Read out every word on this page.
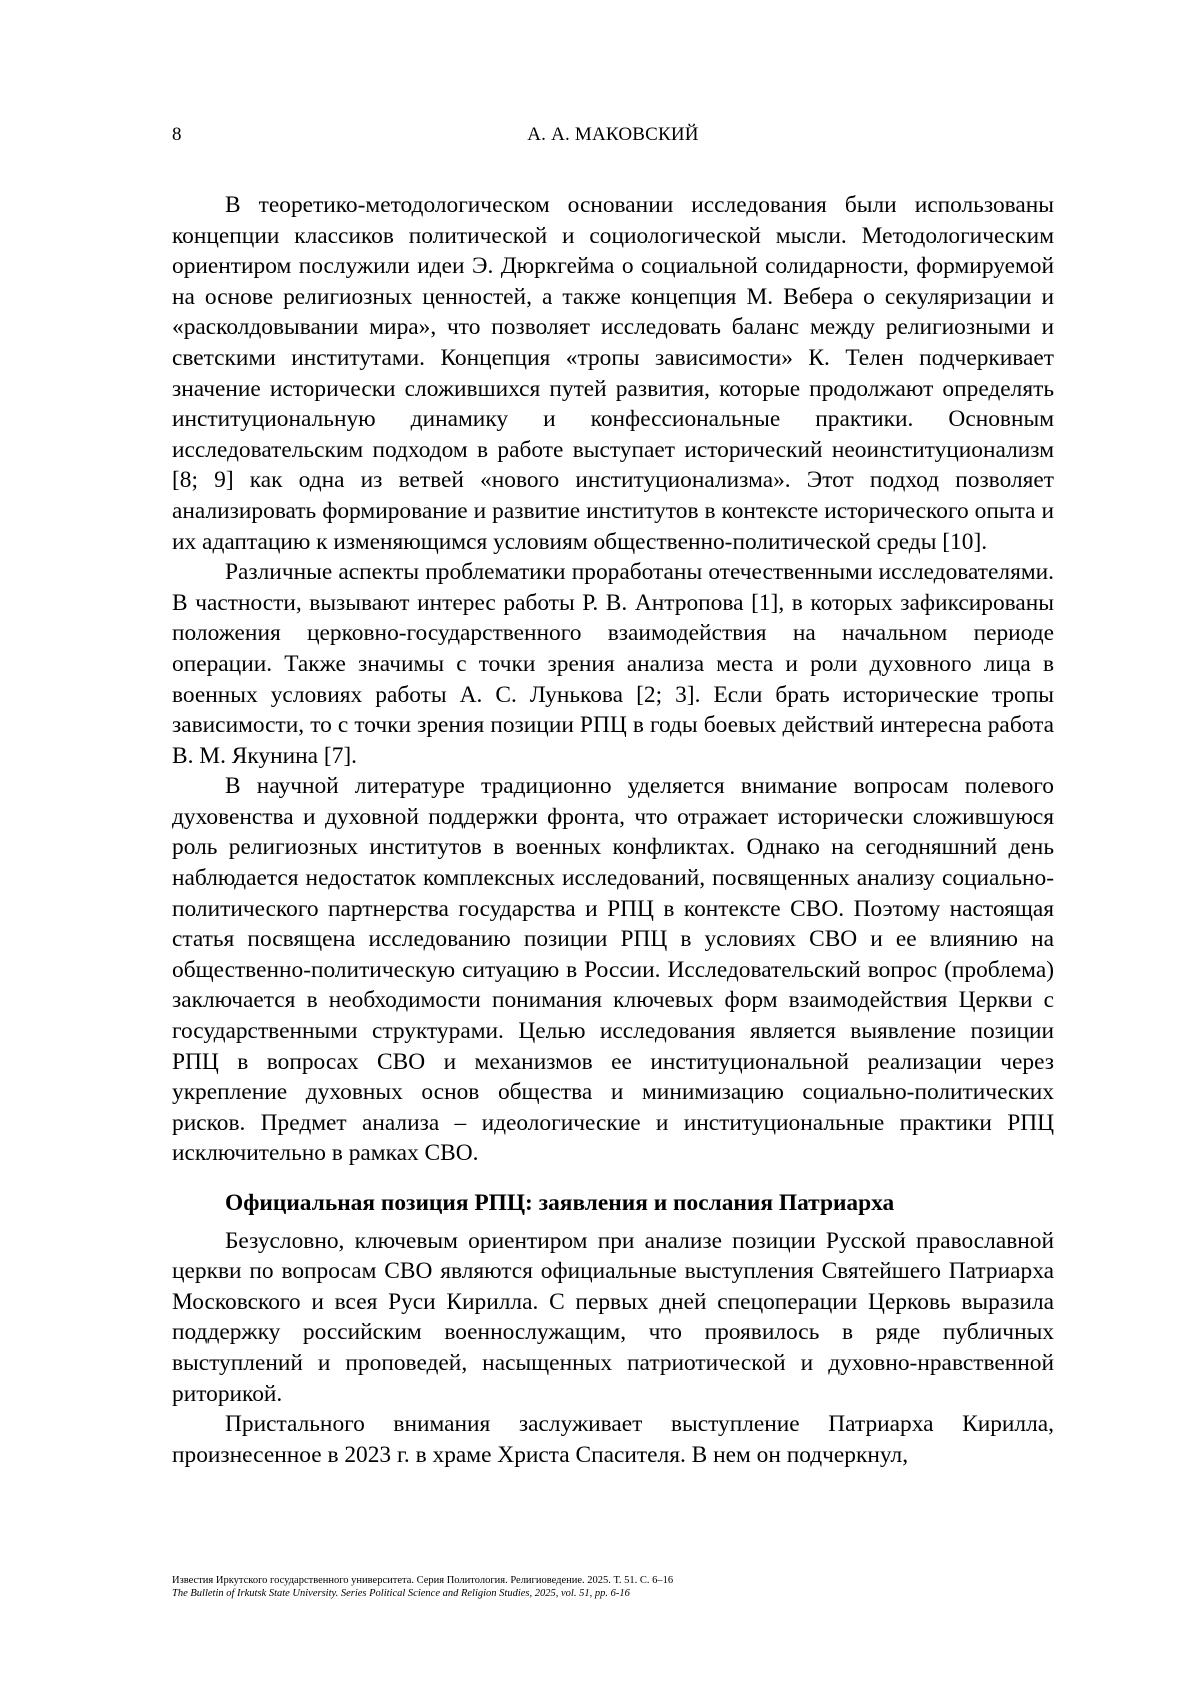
8	А. А. МАКОВСКИЙ

В теоретико-методологическом основании исследования были использованы концепции классиков политической и социологической мысли. Методологическим ориентиром послужили идеи Э. Дюркгейма о социальной солидарности, формируемой на основе религиозных ценностей, а также концепция М. Вебера о секуляризации и «расколдовывании мира», что позволяет исследовать баланс между религиозными и светскими институтами. Концепция «тропы зависимости» К. Телен подчеркивает значение исторически сложившихся путей развития, которые продолжают определять институциональную динамику и конфессиональные практики. Основным исследовательским подходом в работе выступает исторический неоинституционализм [8; 9] как одна из ветвей «нового институционализма». Этот подход позволяет анализировать формирование и развитие институтов в контексте исторического опыта и их адаптацию к изменяющимся условиям общественно-политической среды [10].

Различные аспекты проблематики проработаны отечественными исследователями. В частности, вызывают интерес работы Р. В. Антропова [1], в которых зафиксированы положения церковно-государственного взаимодействия на начальном периоде операции. Также значимы с точки зрения анализа места и роли духовного лица в военных условиях работы А. С. Лунькова [2; 3]. Если брать исторические тропы зависимости, то с точки зрения позиции РПЦ в годы боевых действий интересна работа В. М. Якунина [7].

В научной литературе традиционно уделяется внимание вопросам полевого духовенства и духовной поддержки фронта, что отражает исторически сложившуюся роль религиозных институтов в военных конфликтах. Однако на сегодняшний день наблюдается недостаток комплексных исследований, посвященных анализу социально-политического партнерства государства и РПЦ в контексте СВО. Поэтому настоящая статья посвящена исследованию позиции РПЦ в условиях СВО и ее влиянию на общественно-политическую ситуацию в России. Исследовательский вопрос (проблема) заключается в необходимости понимания ключевых форм взаимодействия Церкви с государственными структурами. Целью исследования является выявление позиции РПЦ в вопросах СВО и механизмов ее институциональной реализации через укрепление духовных основ общества и минимизацию социально-политических рисков. Предмет анализа – идеологические и институциональные практики РПЦ исключительно в рамках СВО.

Официальная позиция РПЦ: заявления и послания Патриарха

Безусловно, ключевым ориентиром при анализе позиции Русской православной церкви по вопросам СВО являются официальные выступления Святейшего Патриарха Московского и всея Руси Кирилла. С первых дней спецоперации Церковь выразила поддержку российским военнослужащим, что проявилось в ряде публичных выступлений и проповедей, насыщенных патриотической и духовно-нравственной риторикой.

Пристального внимания заслуживает выступление Патриарха Кирилла, произнесенное в 2023 г. в храме Христа Спасителя. В нем он подчеркнул,

Известия Иркутского государственного университета. Серия Политология. Религиоведение. 2025. Т. 51. С. 6–16
The Bulletin of Irkutsk State University. Series Political Science and Religion Studies, 2025, vol. 51, pp. 6-16
